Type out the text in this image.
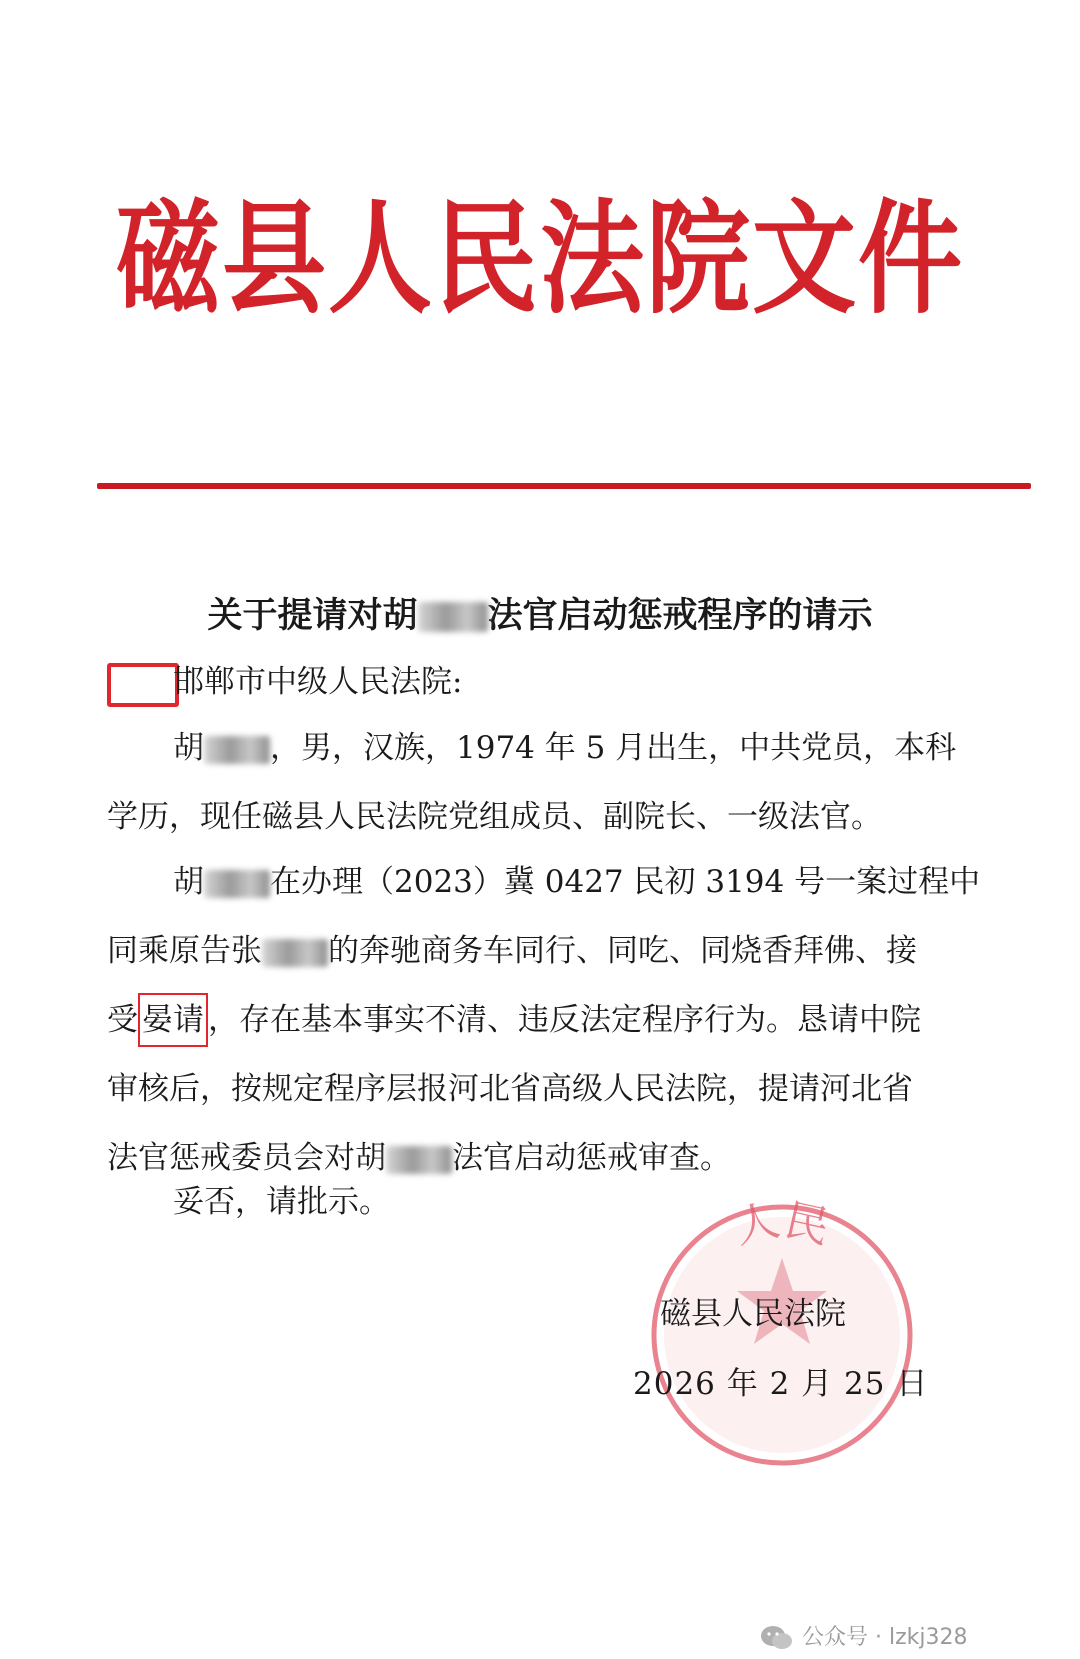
磁县人民法院文件
关于提请对胡 法官启动惩戒程序的请示
邯郸市中级人民法院:
胡 ，男，汉族，1974 年 5 月出生，中共党员，本科
学历，现任磁县人民法院党组成员、副院长、一级法官。
胡 在办理（2023）冀 0427 民初 3194 号一案过程中
同乘原告张 的奔驰商务车同行、同吃、同烧香拜佛、接
受 晏请 ，存在基本事实不清、违反法定程序行为。恳请中院
审核后，按规定程序层报河北省高级人民法院，提请河北省
法官惩戒委员会对胡 法官启动惩戒审查。
妥否，请批示。	人民
磁县人民法院
2026 年 2 月 25 日
公众号 · lzkj328
